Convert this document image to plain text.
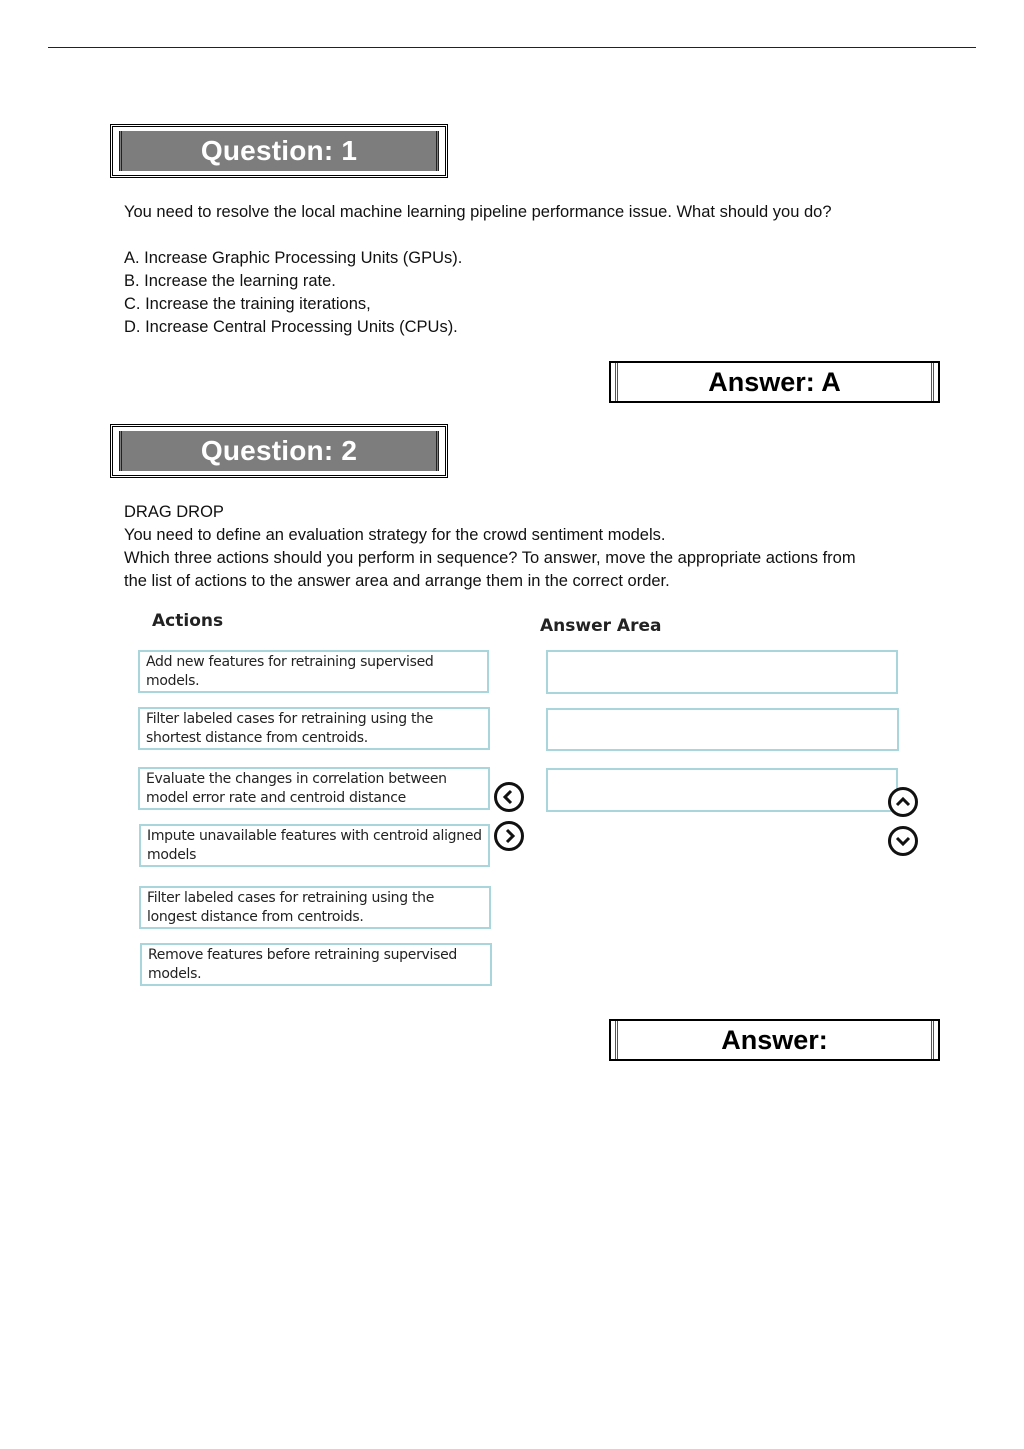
Question: 1
You need to resolve the local machine learning pipeline performance issue. What should you do?
A. Increase Graphic Processing Units (GPUs).
B. Increase the learning rate.
C. Increase the training iterations,
D. Increase Central Processing Units (CPUs).
Answer: A
Question: 2
DRAG DROP
You need to define an evaluation strategy for the crowd sentiment models.
Which three actions should you perform in sequence? To answer, move the appropriate actions from
the list of actions to the answer area and arrange them in the correct order.
Actions	Answer Area
Add new features for retraining supervised models.
Filter labeled cases for retraining using the shortest distance from centroids.
Evaluate the changes in correlation between model error rate and centroid distance
Impute unavailable features with centroid aligned models
Filter labeled cases for retraining using the longest distance from centroids.
Remove features before retraining supervised models.
Answer:
